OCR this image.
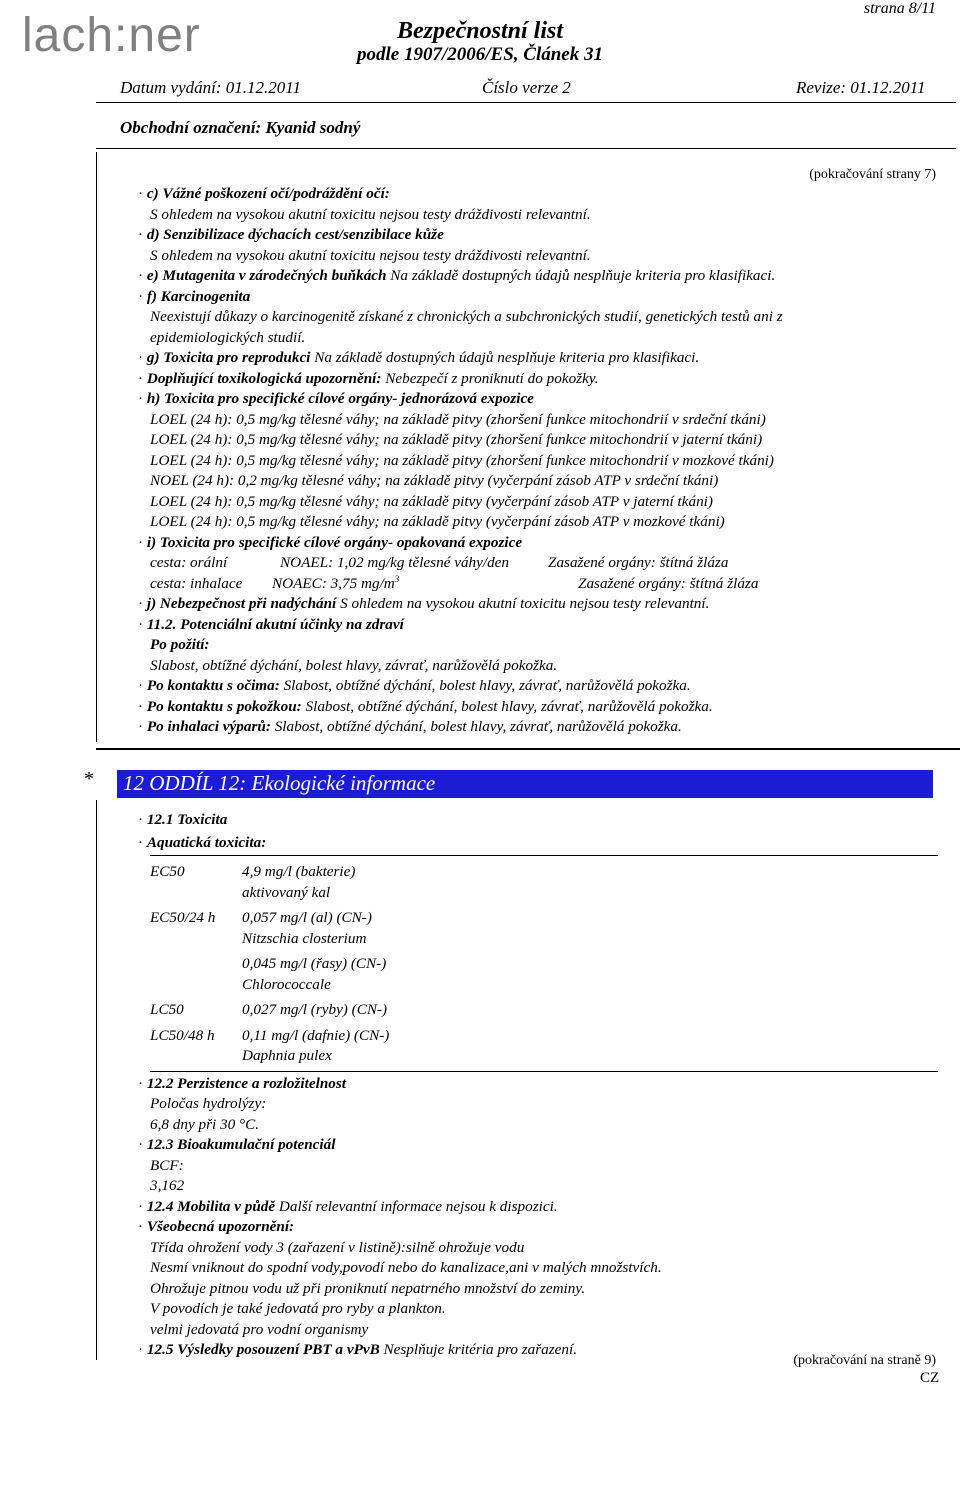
strana 8/11
lach:ner	Bezpečnostní list
podle 1907/2006/ES, Článek 31
Datum vydání: 01.12.2011	Číslo verze 2	Revize: 01.12.2011
Obchodní označení: Kyanid sodný
(pokračování strany 7)
· c) Vážné poškození očí/podráždění očí:
S ohledem na vysokou akutní toxicitu nejsou testy dráždivosti relevantní.
· d) Senzibilizace dýchacích cest/senzibilace kůže
S ohledem na vysokou akutní toxicitu nejsou testy dráždivosti relevantní.
· e) Mutagenita v zárodečných buňkách Na základě dostupných údajů nesplňuje kriteria pro klasifikaci.
· f) Karcinogenita
Neexistují důkazy o karcinogenitě získané z chronických a subchronických studií, genetických testů ani z
epidemiologických studií.
· g) Toxicita pro reprodukci Na základě dostupných údajů nesplňuje kriteria pro klasifikaci.
· Doplňující toxikologická upozornění: Nebezpečí z proniknutí do pokožky.
· h) Toxicita pro specifické cílové orgány- jednorázová expozice
LOEL (24 h): 0,5 mg/kg tělesné váhy; na základě pitvy (zhoršení funkce mitochondrií v srdeční tkáni)
LOEL (24 h): 0,5 mg/kg tělesné váhy; na základě pitvy (zhoršení funkce mitochondrií v jaterní tkáni)
LOEL (24 h): 0,5 mg/kg tělesné váhy; na základě pitvy (zhoršení funkce mitochondrií v mozkové tkáni)
NOEL (24 h): 0,2 mg/kg tělesné váhy; na základě pitvy (vyčerpání zásob ATP v srdeční tkáni)
LOEL (24 h): 0,5 mg/kg tělesné váhy; na základě pitvy (vyčerpání zásob ATP v jaterní tkáni)
LOEL (24 h): 0,5 mg/kg tělesné váhy; na základě pitvy (vyčerpání zásob ATP v mozkové tkáni)
· i) Toxicita pro specifické cílové orgány- opakovaná expozice
cesta: orální	NOAEL: 1,02 mg/kg tělesné váhy/den	Zasažené orgány: štítná žláza
cesta: inhalace NOAEC: 3,75 $mg/m^3$	Zasažené orgány: štítná žláza
· j) Nebezpečnost při nadýchání S ohledem na vysokou akutní toxicitu nejsou testy relevantní.
· 11.2. Potenciální akutní účinky na zdraví
Po požití:
Slabost, obtížné dýchání, bolest hlavy, závrať, narůžovělá pokožka.
· Po kontaktu s očima: Slabost, obtížné dýchání, bolest hlavy, závrať, narůžovělá pokožka.
· Po kontaktu s pokožkou: Slabost, obtížné dýchání, bolest hlavy, závrať, narůžovělá pokožka.
· Po inhalaci výparů: Slabost, obtížné dýchání, bolest hlavy, závrať, narůžovělá pokožka.
* 12 ODDÍL 12: Ekologické informace
· 12.1 Toxicita
· Aquatická toxicita:
EC50	4,9 mg/l (bakterie)
aktivovaný kal

EC50/24 h	0,057 mg/l (al) (CN-)
Nitzschia closterium

	0,045 mg/l (řasy) (CN-)
Chlorococcale

LC50	0,027 mg/l (ryby) (CN-)

LC50/48 h	0,11 mg/l (dafnie) (CN-)
Daphnia pulex
· 12.2 Perzistence a rozložitelnost
Poločas hydrolýzy:
6,8 dny při 30 °C.
· 12.3 Bioakumulační potenciál
BCF:
3,162
· 12.4 Mobilita v půdě Další relevantní informace nejsou k dispozici.
· Všeobecná upozornění:
Třída ohrožení vody 3 (zařazení v listině):silně ohrožuje vodu
Nesmí vniknout do spodní vody,povodí nebo do kanalizace,ani v malých množstvích.
Ohrožuje pitnou vodu už při proniknutí nepatrného množství do zeminy.
V povodích je také jedovatá pro ryby a plankton.
velmi jedovatá pro vodní organismy
· 12.5 Výsledky posouzení PBT a vPvB Nesplňuje kritéria pro zařazení.
(pokračování na straně 9)
CZ
